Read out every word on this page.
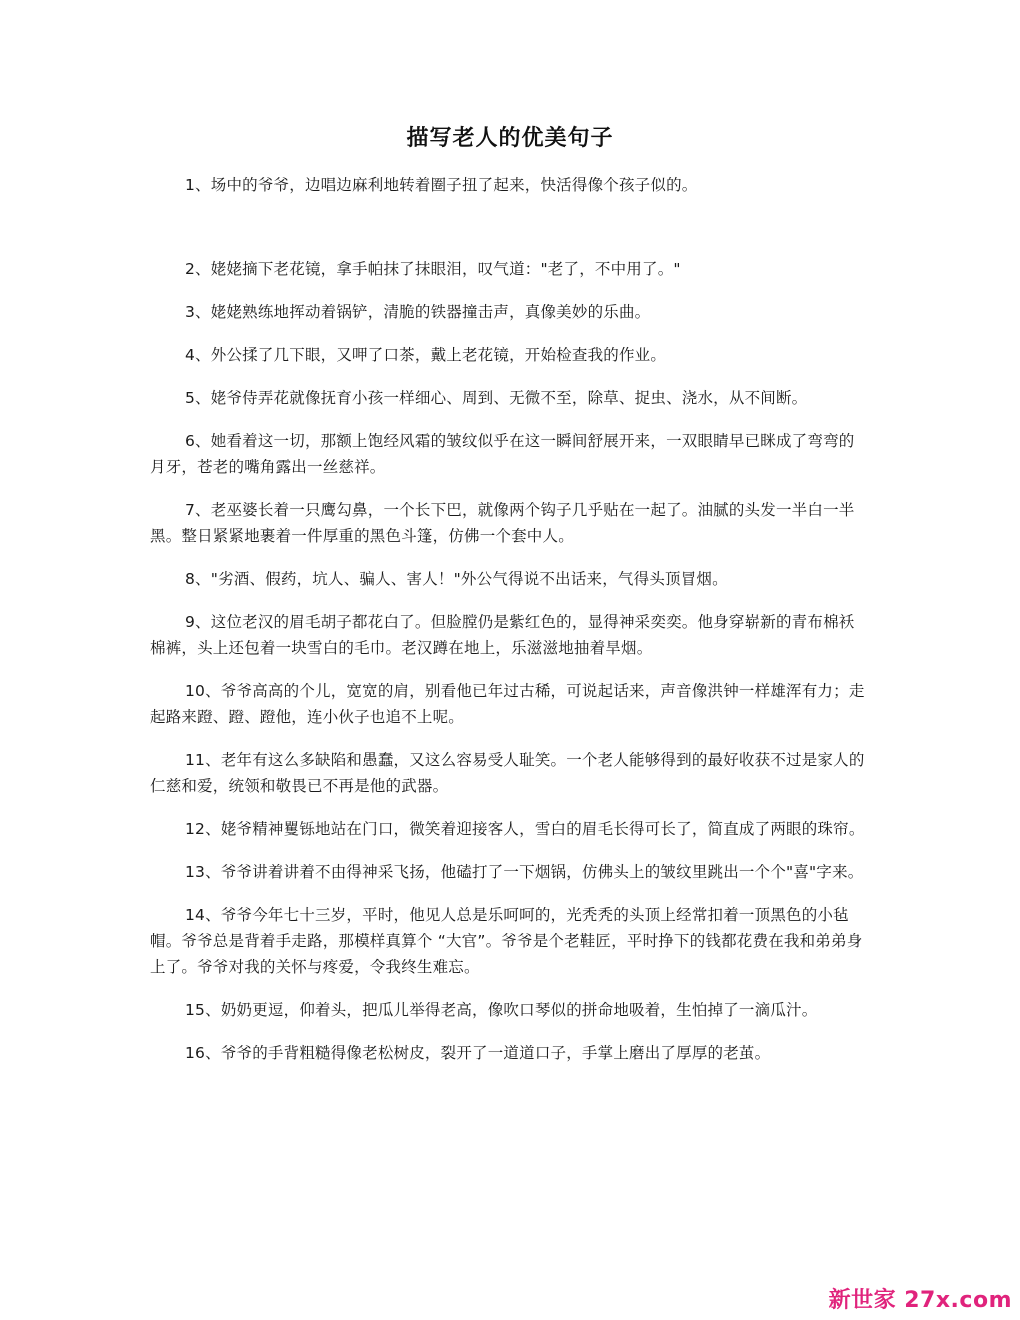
描写老人的优美句子

1、场中的爷爷，边唱边麻利地转着圈子扭了起来，快活得像个孩子似的。

2、姥姥摘下老花镜，拿手帕抹了抹眼泪，叹气道："老了，不中用了。"

3、姥姥熟练地挥动着锅铲，清脆的铁器撞击声，真像美妙的乐曲。

4、外公揉了几下眼，又呷了口茶，戴上老花镜，开始检查我的作业。

5、姥爷侍弄花就像抚育小孩一样细心、周到、无微不至，除草、捉虫、浇水，从不间断。

6、她看着这一切，那额上饱经风霜的皱纹似乎在这一瞬间舒展开来，一双眼睛早已眯成了弯弯的月牙，苍老的嘴角露出一丝慈祥。

7、老巫婆长着一只鹰勾鼻，一个长下巴，就像两个钩子几乎贴在一起了。油腻的头发一半白一半黑。整日紧紧地裹着一件厚重的黑色斗篷，仿佛一个套中人。

8、"劣酒、假药，坑人、骗人、害人！"外公气得说不出话来，气得头顶冒烟。

9、这位老汉的眉毛胡子都花白了。但脸膛仍是紫红色的，显得神采奕奕。他身穿崭新的青布棉袄棉裤，头上还包着一块雪白的毛巾。老汉蹲在地上，乐滋滋地抽着旱烟。

10、爷爷高高的个儿，宽宽的肩，别看他已年过古稀，可说起话来，声音像洪钟一样雄浑有力；走起路来蹬、蹬、蹬他，连小伙子也追不上呢。

11、老年有这么多缺陷和愚蠢，又这么容易受人耻笑。一个老人能够得到的最好收获不过是家人的仁慈和爱，统领和敬畏已不再是他的武器。

12、姥爷精神矍铄地站在门口，微笑着迎接客人，雪白的眉毛长得可长了，简直成了两眼的珠帘。

13、爷爷讲着讲着不由得神采飞扬，他磕打了一下烟锅，仿佛头上的皱纹里跳出一个个"喜"字来。

14、爷爷今年七十三岁，平时，他见人总是乐呵呵的，光秃秃的头顶上经常扣着一顶黑色的小毡帽。爷爷总是背着手走路，那模样真算个 “大官”。爷爷是个老鞋匠，平时挣下的钱都花费在我和弟弟身上了。爷爷对我的关怀与疼爱，令我终生难忘。

15、奶奶更逗，仰着头，把瓜儿举得老高，像吹口琴似的拼命地吸着，生怕掉了一滴瓜汁。

16、爷爷的手背粗糙得像老松树皮，裂开了一道道口子，手掌上磨出了厚厚的老茧。

新世家 27x.com
